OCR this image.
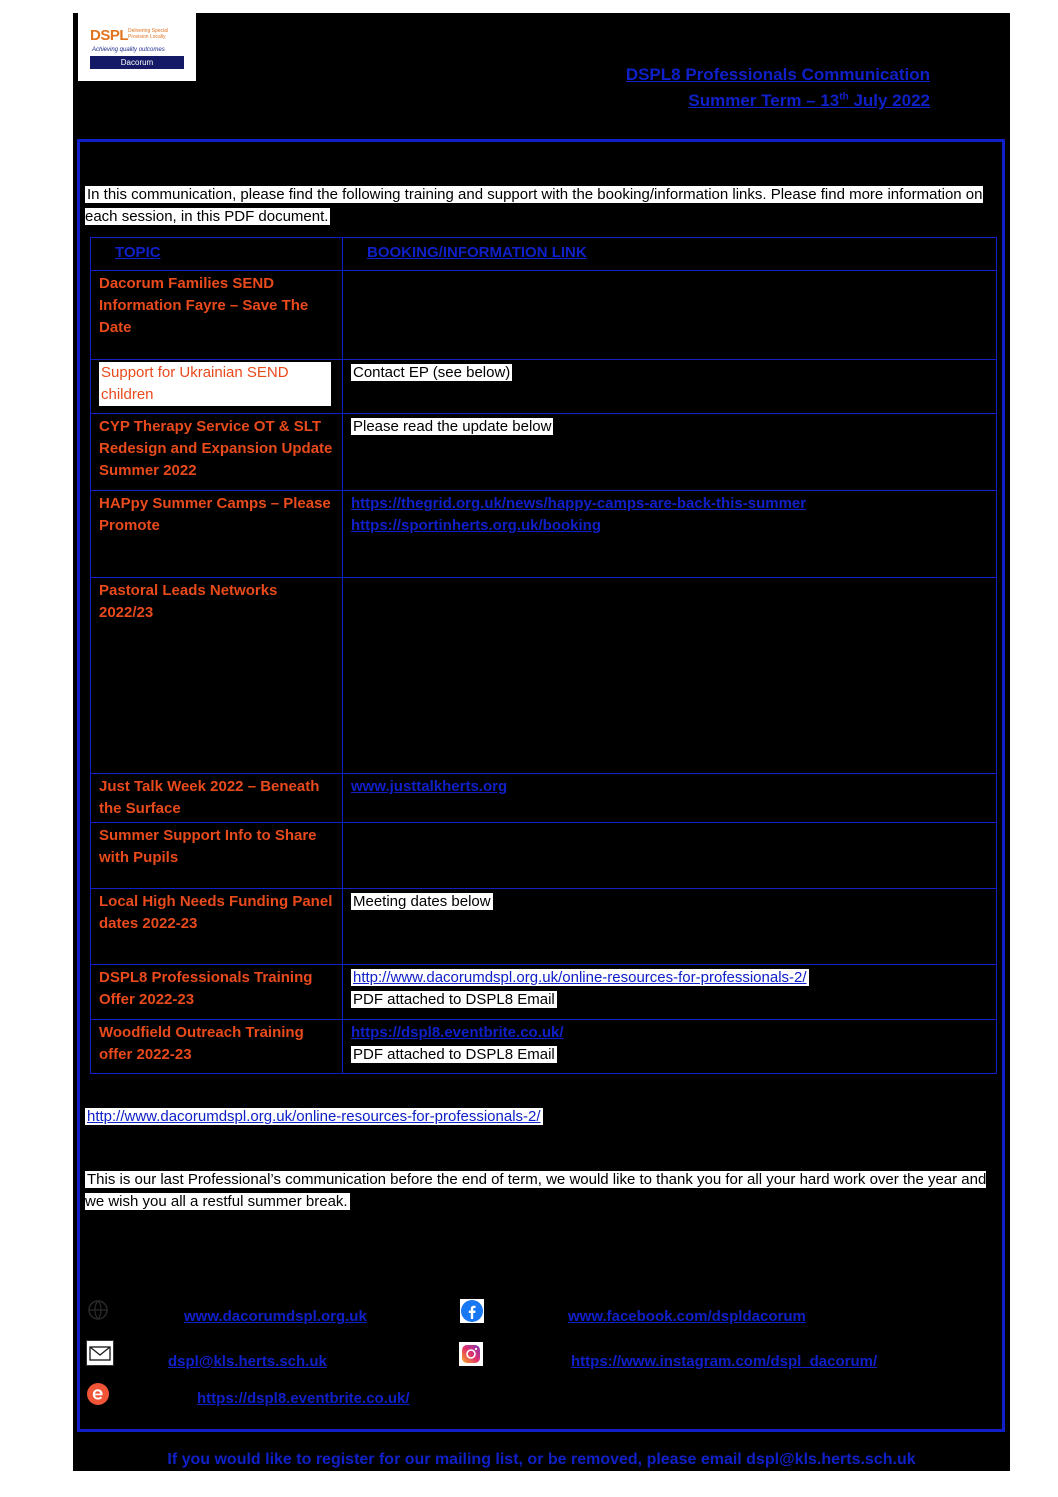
DSPL Delivering Special Provision Locally
Achieving quality outcomes
Dacorum
DSPL8 Professionals Communication
Summer Term – 13th July 2022
In this communication, please find the following training and support with the booking/information links. Please find more information on each session, in this PDF document.
TOPIC	BOOKING/INFORMATION LINK
Dacorum Families SEND Information Fayre – Save The Date	
Support for Ukrainian SEND children	Contact EP (see below)

CYP Therapy Service OT & SLT Redesign and Expansion Update Summer 2022	Please read the update below

HAPpy Summer Camps – Please Promote	https://thegrid.org.uk/news/happy-camps-are-back-this-summer
https://sportinherts.org.uk/booking

Pastoral Leads Networks 2022/23	
Just Talk Week 2022 – Beneath the Surface	www.justtalkherts.org

Summer Support Info to Share with Pupils	
Local High Needs Funding Panel dates 2022-23	Meeting dates below

DSPL8 Professionals Training Offer 2022-23	http://www.dacorumdspl.org.uk/online-resources-for-professionals-2/
PDF attached to DSPL8 Email

Woodfield Outreach Training offer 2022-23	https://dspl8.eventbrite.co.uk/
PDF attached to DSPL8 Email
http://www.dacorumdspl.org.uk/online-resources-for-professionals-2/
This is our last Professional’s communication before the end of term, we would like to thank you for all your hard work over the year and we wish you all a restful summer break.
www.dacorumdspl.org.uk	www.facebook.com/dspldacorum
dspl@kls.herts.sch.uk	https://www.instagram.com/dspl_dacorum/
https://dspl8.eventbrite.co.uk/
If you would like to register for our mailing list, or be removed, please email dspl@kls.herts.sch.uk
